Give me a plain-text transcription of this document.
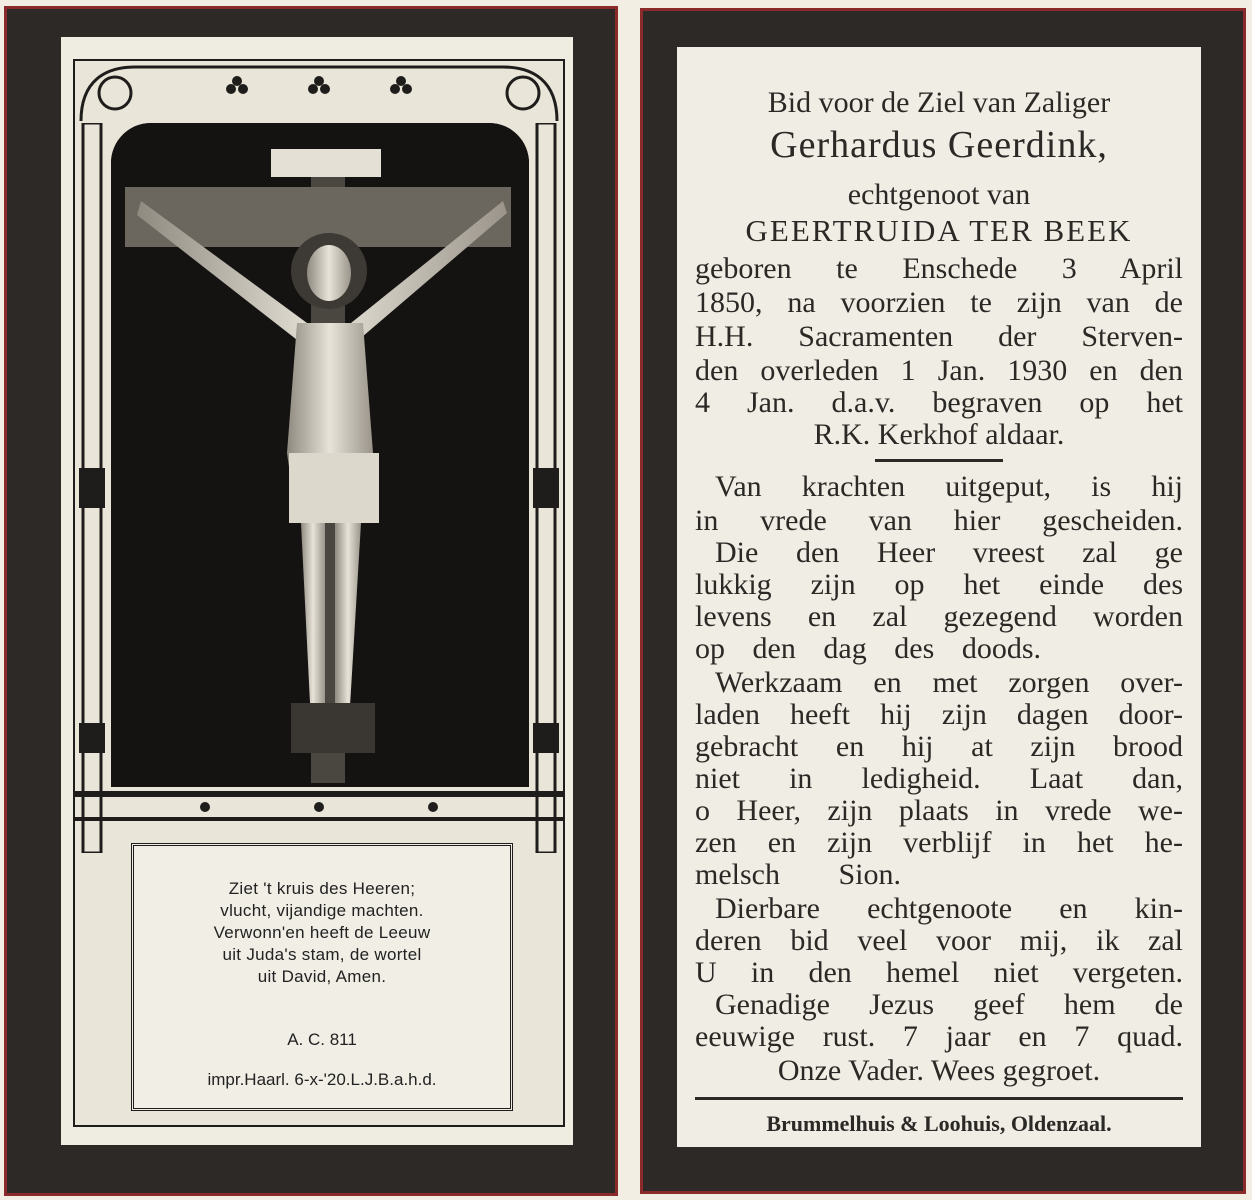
Ziet 't kruis des Heeren;
vlucht, vijandige machten.
Verwonn'en heeft de Leeuw
uit Juda's stam, de wortel
uit David, Amen.
A. C. 811
impr.Haarl. 6-x-'20.L.J.B.a.h.d.
Bid voor de Ziel van Zaliger
Gerhardus Geerdink,
echtgenoot van
GEERTRUIDA TER BEEK
geboren te Enschede 3 April
1850, na voorzien te zijn van de
H.H. Sacramenten der Sterven-
den overleden 1 Jan. 1930 en den
4 Jan. d.a.v. begraven op het
R.K. Kerkhof aldaar.
Van krachten uitgeput, is hij
in vrede van hier gescheiden.
Die den Heer vreest zal ge
lukkig zijn op het einde des
levens en zal gezegend worden
op den dag des doods.
Werkzaam en met zorgen over-
laden heeft hij zijn dagen door-
gebracht en hij at zijn brood
niet in ledigheid. Laat dan,
o Heer, zijn plaats in vrede we-
zen en zijn verblijf in het he-
melsch Sion.
Dierbare echtgenoote en kin-
deren bid veel voor mij, ik zal
U in den hemel niet vergeten.
Genadige Jezus geef hem de
eeuwige rust. 7 jaar en 7 quad.
Onze Vader. Wees gegroet.
Brummelhuis & Loohuis, Oldenzaal.
